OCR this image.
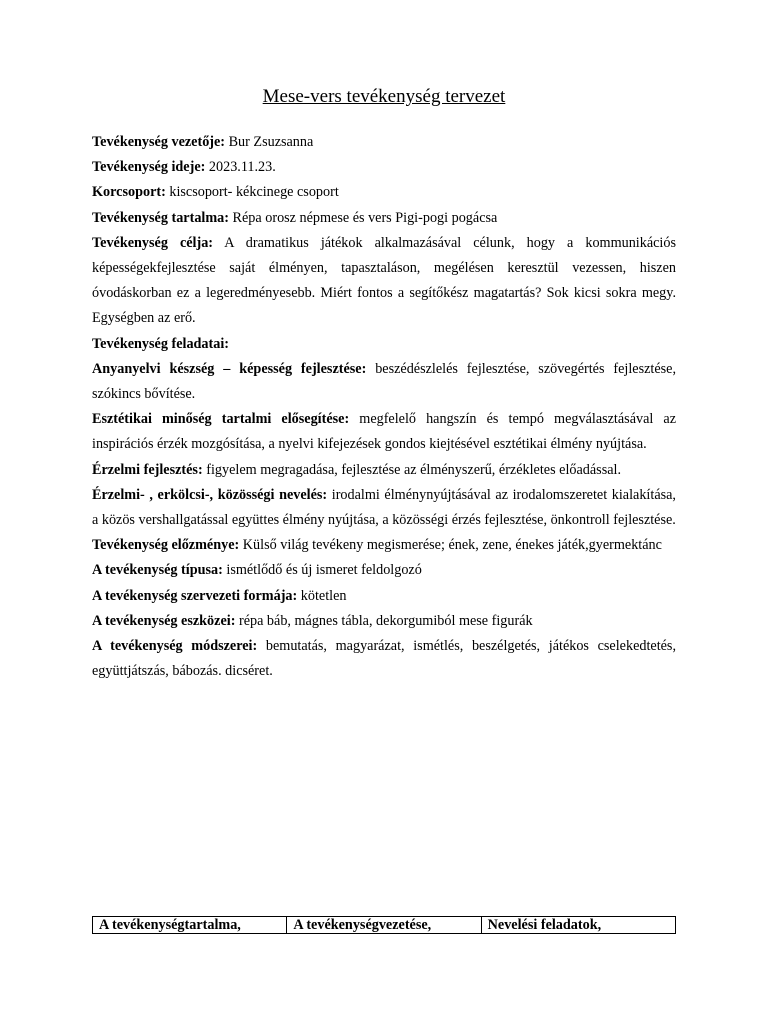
Mese-vers tevékenység tervezet

Tevékenység vezetője: Bur Zsuzsanna

Tevékenység ideje: 2023.11.23.

Korcsoport: kiscsoport- kékcinege csoport

Tevékenység tartalma: Répa orosz népmese és vers Pigi-pogi pogácsa

Tevékenység célja: A dramatikus játékok alkalmazásával célunk, hogy a kommunikációs képességekfejlesztése saját élményen, tapasztaláson, megélésen keresztül vezessen, hiszen óvodáskorban ez a legeredményesebb. Miért fontos a segítőkész magatartás? Sok kicsi sokra megy. Egységben az erő.

Tevékenység feladatai:

Anyanyelvi készség – képesség fejlesztése: beszédészlelés fejlesztése, szövegértés fejlesztése, szókincs bővítése.

Esztétikai minőség tartalmi elősegítése: megfelelő hangszín és tempó megválasztásával az inspirációs érzék mozgósítása, a nyelvi kifejezések gondos kiejtésével esztétikai élmény nyújtása.

Érzelmi fejlesztés: figyelem megragadása, fejlesztése az élményszerű, érzékletes előadással.

Érzelmi- , erkölcsi-, közösségi nevelés: irodalmi élménynyújtásával az irodalomszeretet kialakítása, a közös vershallgatással együttes élmény nyújtása, a közösségi érzés fejlesztése, önkontroll fejlesztése.

Tevékenység előzménye: Külső világ tevékeny megismerése; ének, zene, énekes játék,gyermektánc

A tevékenység típusa: ismétlődő és új ismeret feldolgozó

A tevékenység szervezeti formája: kötetlen

A tevékenység eszközei: répa báb, mágnes tábla, dekorgumiból mese figurák

A tevékenység módszerei: bemutatás, magyarázat, ismétlés, beszélgetés, játékos cselekedtetés, együttjátszás, bábozás. dicséret.

A tevékenységtartalma,	A tevékenységvezetése,	Nevelési feladatok,
